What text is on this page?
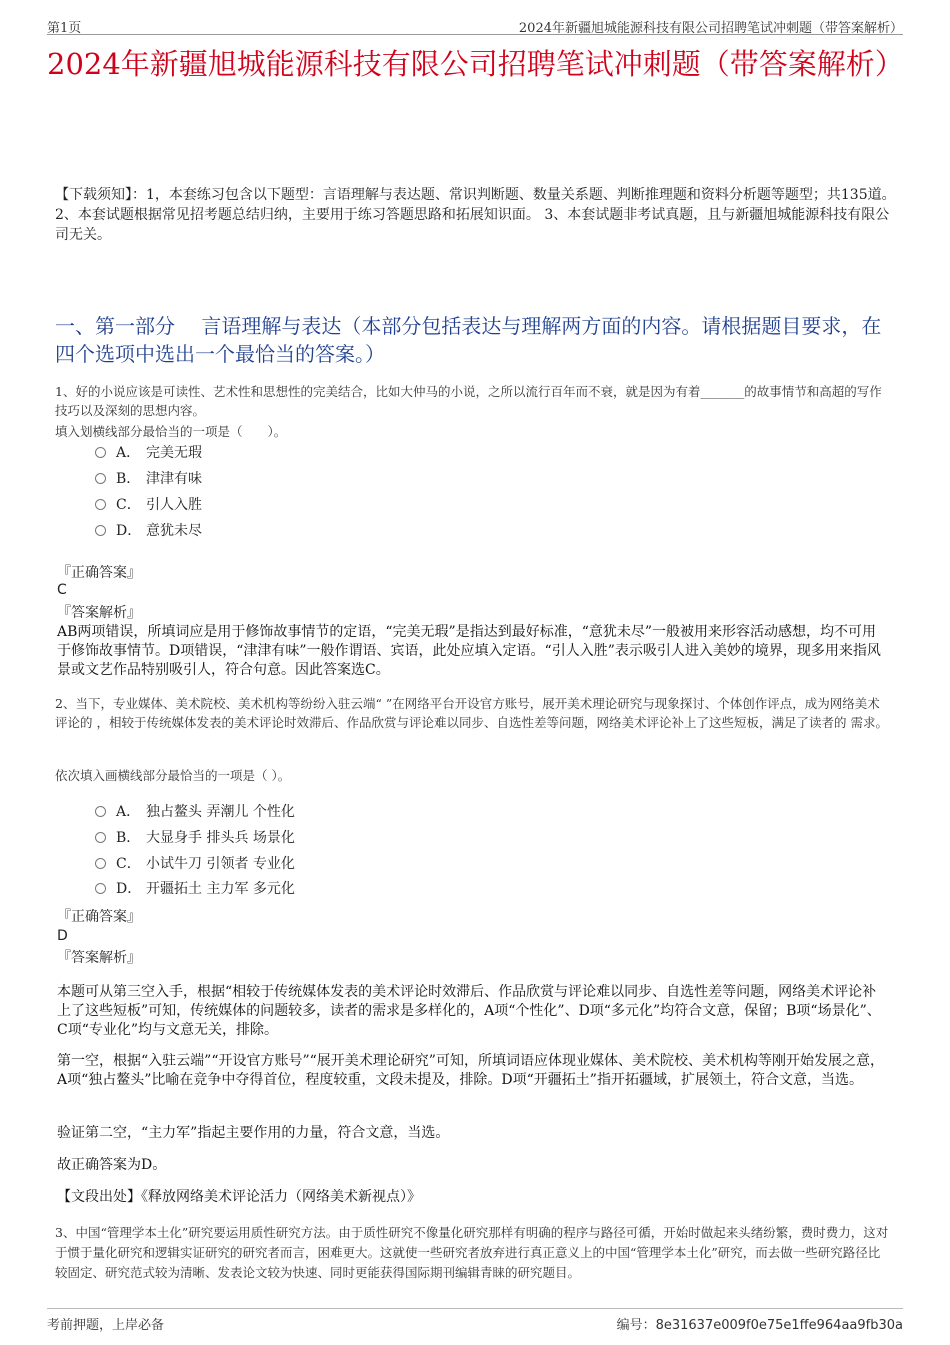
第1页	2024年新疆旭城能源科技有限公司招聘笔试冲刺题（带答案解析）
2024年新疆旭城能源科技有限公司招聘笔试冲刺题（带答案解析）
【下载须知】：1，本套练习包含以下题型：言语理解与表达题、常识判断题、数量关系题、判断推理题和资料分析题等题型；共135道。 2、本套试题根据常见招考题总结归纳，主要用于练习答题思路和拓展知识面。 3、本套试题非考试真题，且与新疆旭城能源科技有限公司无关。
一、第一部分　 言语理解与表达（本部分包括表达与理解两方面的内容。请根据题目要求，在四个选项中选出一个最恰当的答案。）
1、好的小说应该是可读性、艺术性和思想性的完美结合，比如大仲马的小说，之所以流行百年而不衰，就是因为有着_______的故事情节和高超的写作技巧以及深刻的思想内容。
填入划横线部分最恰当的一项是（　　）。
A． 完美无瑕
B． 津津有味
C． 引人入胜
D． 意犹未尽
『正确答案』
C
『答案解析』
AB两项错误，所填词应是用于修饰故事情节的定语，“完美无瑕”是指达到最好标准，“意犹未尽”一般被用来形容活动感想，均不可用于修饰故事情节。D项错误，“津津有味”一般作谓语、宾语，此处应填入定语。“引人入胜”表示吸引人进入美妙的境界，现多用来指风景或文艺作品特别吸引人，符合句意。因此答案选C。
2、当下，专业媒体、美术院校、美术机构等纷纷入驻云端“ ”在网络平台开设官方账号，展开美术理论研究与现象探讨、个体创作评点，成为网络美术评论的 ，相较于传统媒体发表的美术评论时效滞后、作品欣赏与评论难以同步、自选性差等问题，网络美术评论补上了这些短板，满足了读者的 需求。
依次填入画横线部分最恰当的一项是（ ）。
A． 独占鳌头 弄潮儿 个性化
B． 大显身手 排头兵 场景化
C． 小试牛刀 引领者 专业化
D． 开疆拓土 主力军 多元化
『正确答案』
D
『答案解析』
本题可从第三空入手，根据“相较于传统媒体发表的美术评论时效滞后、作品欣赏与评论难以同步、自选性差等问题，网络美术评论补上了这些短板”可知，传统媒体的问题较多，读者的需求是多样化的，A项“个性化”、D项“多元化”均符合文意，保留；B项“场景化”、C项“专业化”均与文意无关，排除。
第一空，根据“入驻云端”“开设官方账号”“展开美术理论研究”可知，所填词语应体现业媒体、美术院校、美术机构等刚开始发展之意，A项“独占鳌头”比喻在竞争中夺得首位，程度较重，文段未提及，排除。D项“开疆拓土”指开拓疆域，扩展领土，符合文意，当选。
验证第二空，“主力军”指起主要作用的力量，符合文意，当选。
故正确答案为D。
【文段出处】《释放网络美术评论活力（网络美术新视点）》
3、中国“管理学本土化”研究要运用质性研究方法。由于质性研究不像量化研究那样有明确的程序与路径可循，开始时做起来头绪纷繁，费时费力，这对于惯于量化研究和逻辑实证研究的研究者而言，困难更大。这就使一些研究者放弃进行真正意义上的中国“管理学本土化”研究，而去做一些研究路径比较固定、研究范式较为清晰、发表论文较为快速、同时更能获得国际期刊编辑青睐的研究题目。
考前押题，上岸必备	编号：8e31637e009f0e75e1ffe964aa9fb30a
